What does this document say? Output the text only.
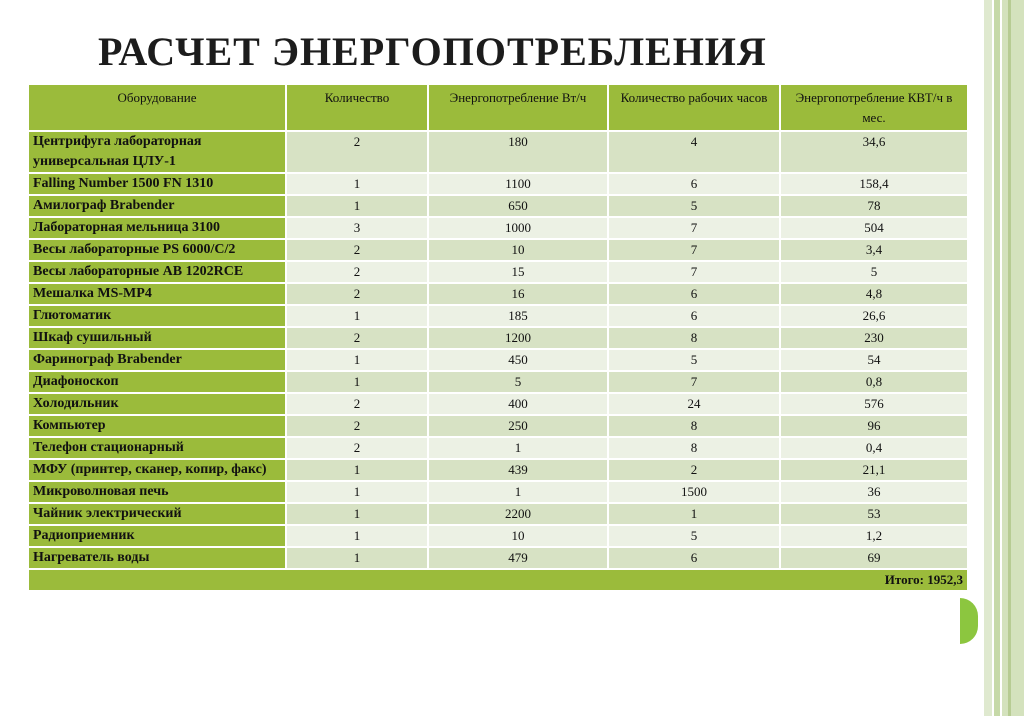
РАСЧЕТ ЭНЕРГОПОТРЕБЛЕНИЯ
Оборудование	Количество	Энергопотребление Вт/ч	Количество рабочих часов	Энергопотребление КВТ/ч в мес.
Центрифуга лабораторная универсальная ЦЛУ-1	2	180	4	34,6
Falling Number 1500 FN 1310	1	1100	6	158,4
Амилограф Brabender	1	650	5	78
Лабораторная мельница 3100	3	1000	7	504
Весы лабораторные PS 6000/C/2	2	10	7	3,4
Весы лабораторные AB 1202RCE	2	15	7	5
Мешалка MS-MP4	2	16	6	4,8
Глютоматик	1	185	6	26,6
Шкаф сушильный	2	1200	8	230
Фаринограф Brabender	1	450	5	54
Диафоноскоп	1	5	7	0,8
Холодильник	2	400	24	576
Компьютер	2	250	8	96
Телефон стационарный	2	1	8	0,4
МФУ (принтер, сканер, копир, факс)	1	439	2	21,1
Микроволновая печь	1	1	1500	36
Чайник электрический	1	2200	1	53
Радиоприемник	1	10	5	1,2
Нагреватель воды	1	479	6	69
Итого: 1952,3				
